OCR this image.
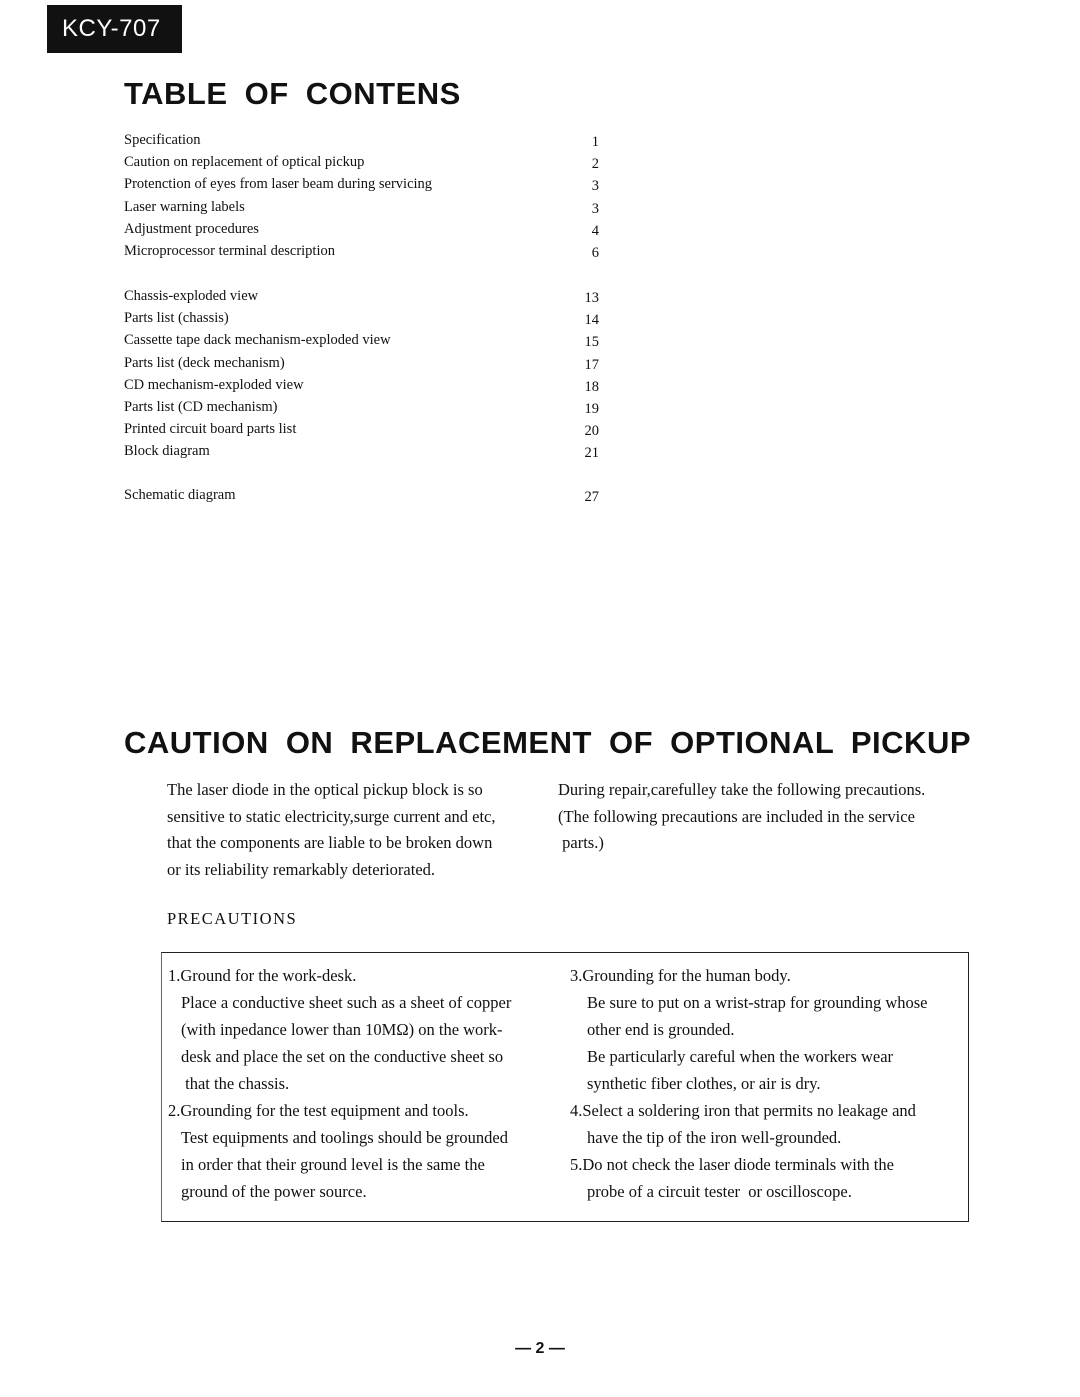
KCY-707
TABLE OF CONTENS
Specification	1
Caution on replacement of optical pickup	2
Protenction of eyes from laser beam during servicing	3
Laser warning labels	3
Adjustment procedures	4
Microprocessor terminal description	6
Chassis-exploded view	13
Parts list (chassis)	14
Cassette tape dack mechanism-exploded view	15
Parts list (deck mechanism)	17
CD mechanism-exploded view	18
Parts list (CD mechanism)	19
Printed circuit board parts list	20
Block diagram	21
Schematic diagram	27
CAUTION ON REPLACEMENT OF OPTIONAL PICKUP
The laser diode in the optical pickup block is so
sensitive to static electricity,surge current and etc,
that the components are liable to be broken down
or its reliability remarkably deteriorated.
During repair,carefulley take the following precautions.
(The following precautions are included in the service
parts.)
PRECAUTIONS
1.Ground for the work-desk.
Place a conductive sheet such as a sheet of copper
(with inpedance lower than 10MΩ) on the work-
desk and place the set on the conductive sheet so
that the chassis.
2.Grounding for the test equipment and tools.
Test equipments and toolings should be grounded
in order that their ground level is the same the
ground of the power source.
3.Grounding for the human body.
Be sure to put on a wrist-strap for grounding whose
other end is grounded.
Be particularly careful when the workers wear
synthetic fiber clothes, or air is dry.
4.Select a soldering iron that permits no leakage and
have the tip of the iron well-grounded.
5.Do not check the laser diode terminals with the
probe of a circuit tester  or oscilloscope.
— 2 —
